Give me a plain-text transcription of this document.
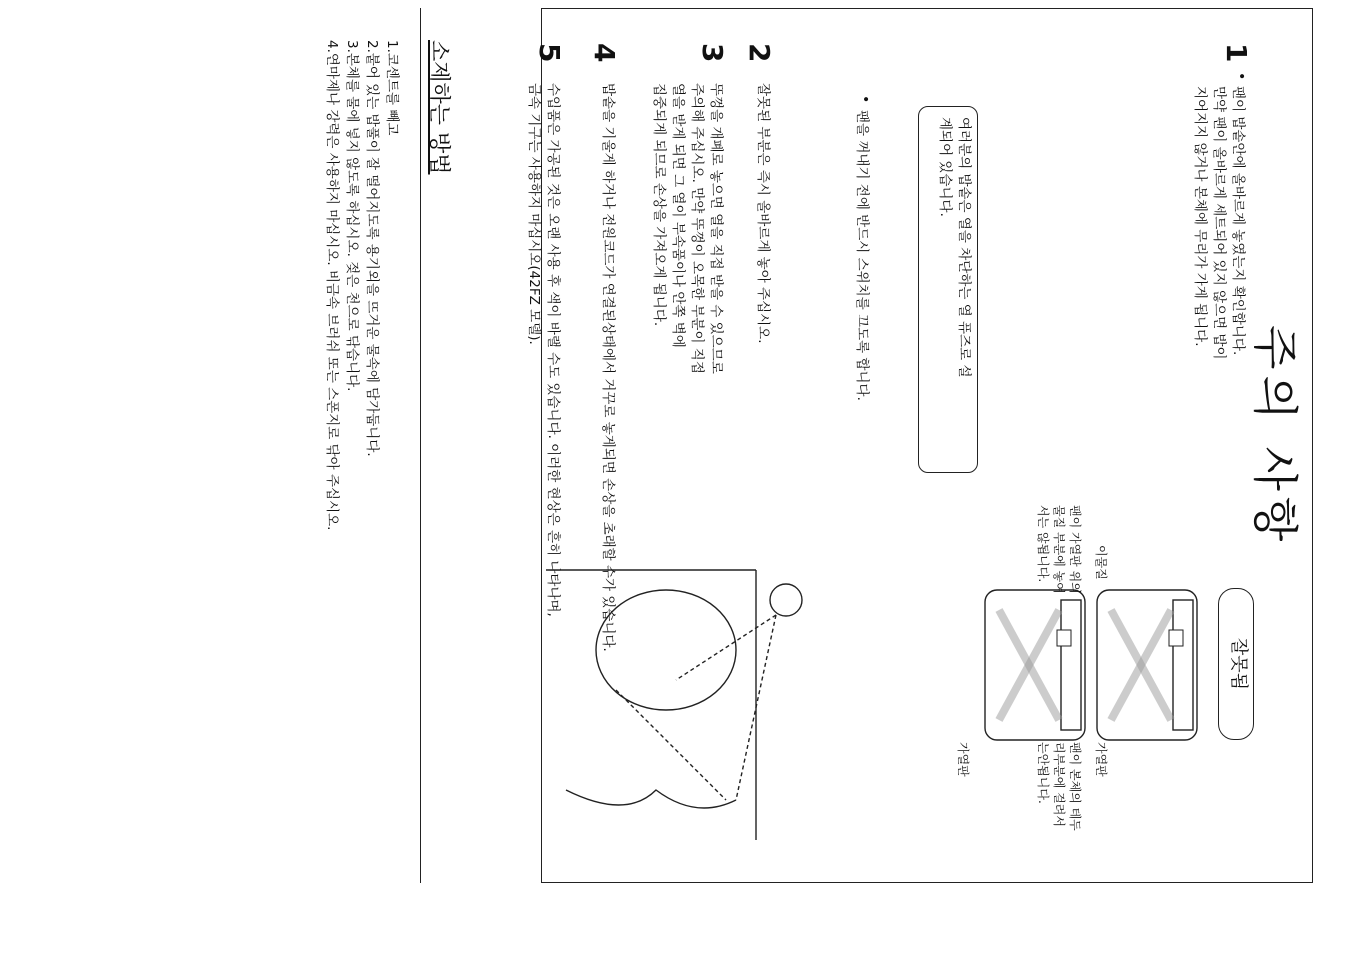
주의 사항
1
•
팬이 밥솥안에 올바르게 놓였는지 확인합니다.
만약 팬이 올바르게 세트되어 있지 않으면 밥이
지어지지 않거나 본체에 무리가 가게 됩니다.
여러분의 밥솥은 열을 차단하는 열 퓨즈로 설
계되어 있습니다.
•
팬을 꺼내기 전에 반드시 스위치를 끄도록 합니다.
2
잘못된 부분은 즉시 올바르게 놓아 주십시오.
3
뚜껑을 개폐로 놓으면 열을 직접 받을 수 있으므로
주의해 주십시오. 만약 뚜껑이 오목한 부분이 직접
열을 받게 되면 그 열이 부속품이나 안쪽 벽에
집중되게 되므로 손상을 가져오게 됩니다.
4
밥솥을 기울게 하거나 전원코드가 연결된상태에서 거꾸로 놓게되면 손상을 초래할 수가 있습니다.
5
수입품은 가공된 것은 오랜 사용 후 색이 바랠 수도 있습니다. 이러한 현상은 흔히 나타나며,
금속 기구는 사용하지 마십시오(42FZ 모델).
잘못됨
이물질
가열판
팬이 가열판 위의
물질 부분에 놓여
서는 않됩니다.
팬이 본체의 테두
리부분에 걸려서
는안됩니다.
가열판
소제하는 방법
1.코센트를 빼고
2.붙어 있는 밥풀이 잘 떨어지도록 용기외을 뜨거운 물속에 담가둡니다.
3.본체를 물에 넣지 않도록 하십시오. 젖은 천으로 닦습니다.
4.연마제나 강력은 사용하지 마십시오. 비금속 브러쉬 또는 스폰지로 닦아 주십시오.
